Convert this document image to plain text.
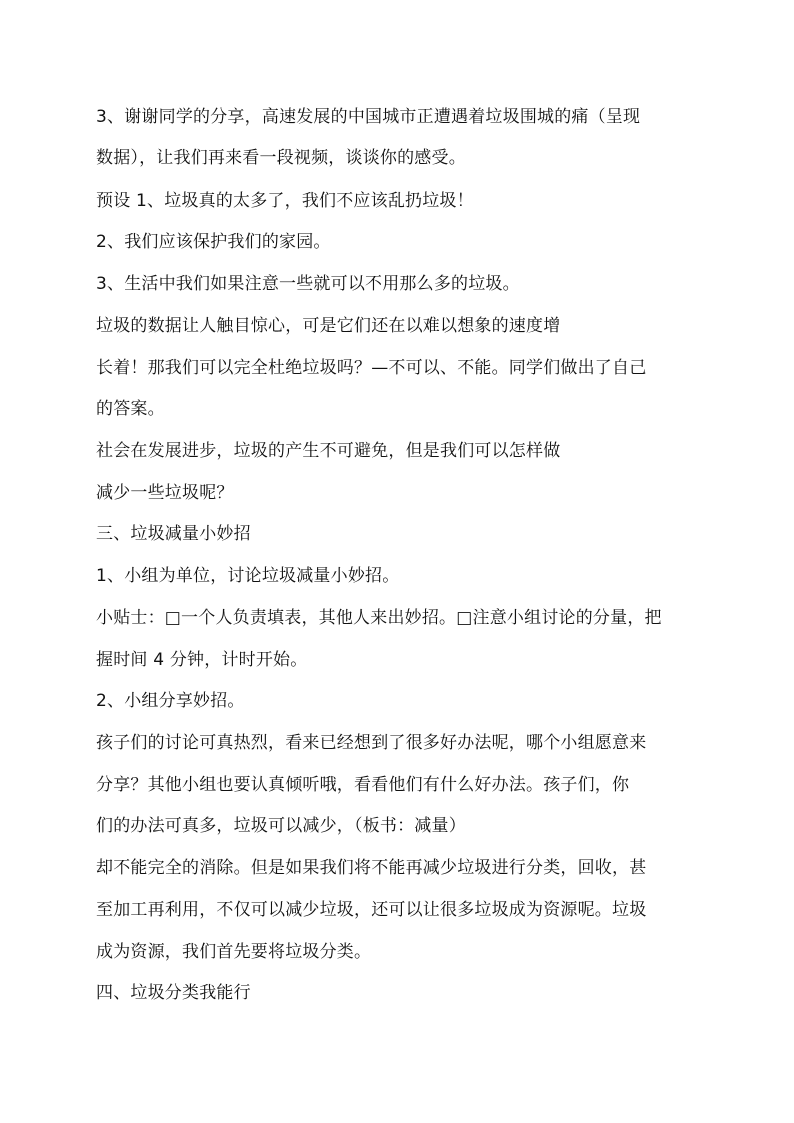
3、谢谢同学的分享，高速发展的中国城市正遭遇着垃圾围城的痛（呈现
数据），让我们再来看一段视频，谈谈你的感受。
预设 1、垃圾真的太多了，我们不应该乱扔垃圾！
2、我们应该保护我们的家园。
3、生活中我们如果注意一些就可以不用那么多的垃圾。
垃圾的数据让人触目惊心，可是它们还在以难以想象的速度增
长着！那我们可以完全杜绝垃圾吗？—不可以、不能。同学们做出了自己
的答案。
社会在发展进步，垃圾的产生不可避免，但是我们可以怎样做
减少一些垃圾呢？
三、垃圾减量小妙招
1、小组为单位，讨论垃圾减量小妙招。
小贴士：□一个人负责填表，其他人来出妙招。□注意小组讨论的分量，把
握时间 4 分钟，计时开始。
2、小组分享妙招。
孩子们的讨论可真热烈，看来已经想到了很多好办法呢，哪个小组愿意来
分享？其他小组也要认真倾听哦，看看他们有什么好办法。孩子们，你
们的办法可真多，垃圾可以减少，（板书：减量）
却不能完全的消除。但是如果我们将不能再减少垃圾进行分类，回收，甚
至加工再利用，不仅可以减少垃圾，还可以让很多垃圾成为资源呢。垃圾
成为资源，我们首先要将垃圾分类。
四、垃圾分类我能行
